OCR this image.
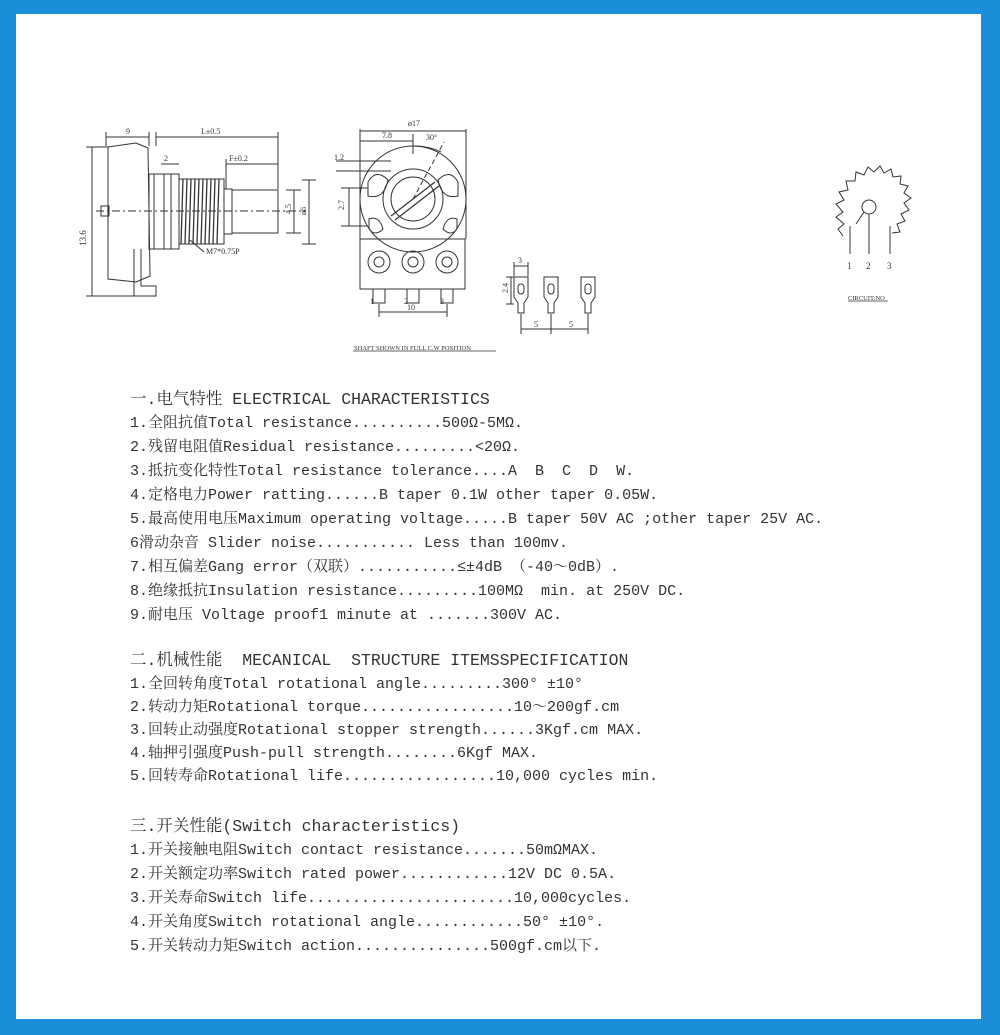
9	L±0.5
F±0.2
2
13.6
4.5 ø6
M7*0.75P
ø17
7.8	30°
1.2
2.7
10
1	2	3
3
2.4
5	5
SHAFT SHOWN IN FULL C.W POSITION
CIRCUIT:NO
1 2 3
一.电气特性 ELECTRICAL CHARACTERISTICS
1.全阻抗值Total resistance..........500Ω-5MΩ.
2.残留电阻值Residual resistance.........<20Ω.
3.抵抗变化特性Total resistance tolerance....A  B  C  D  W.
4.定格电力Power ratting......B taper 0.1W other taper 0.05W.
5.最高使用电压Maximum operating voltage.....B taper 50V AC ;other taper 25V AC.
6滑动杂音 Slider noise........... Less than 100mv.
7.相互偏差Gang error（双联）...........≤±4dB （-40～0dB）.
8.绝缘抵抗Insulation resistance.........100MΩ  min. at 250V DC.
9.耐电压 Voltage proof1 minute at .......300V AC.
二.机械性能  MECANICAL  STRUCTURE ITEMSSPECIFICATION
1.全回转角度Total rotational angle.........300° ±10°
2.转动力矩Rotational torque.................10～200gf.cm
3.回转止动强度Rotational stopper strength......3Kgf.cm MAX.
4.轴押引强度Push-pull strength........6Kgf MAX.
5.回转寿命Rotational life.................10,000 cycles min.
三.开关性能(Switch characteristics)
1.开关接触电阻Switch contact resistance.......50mΩMAX.
2.开关额定功率Switch rated power............12V DC 0.5A.
3.开关寿命Switch life.......................10,000cycles.
4.开关角度Switch rotational angle............50° ±10°.
5.开关转动力矩Switch action...............500gf.cm以下.
